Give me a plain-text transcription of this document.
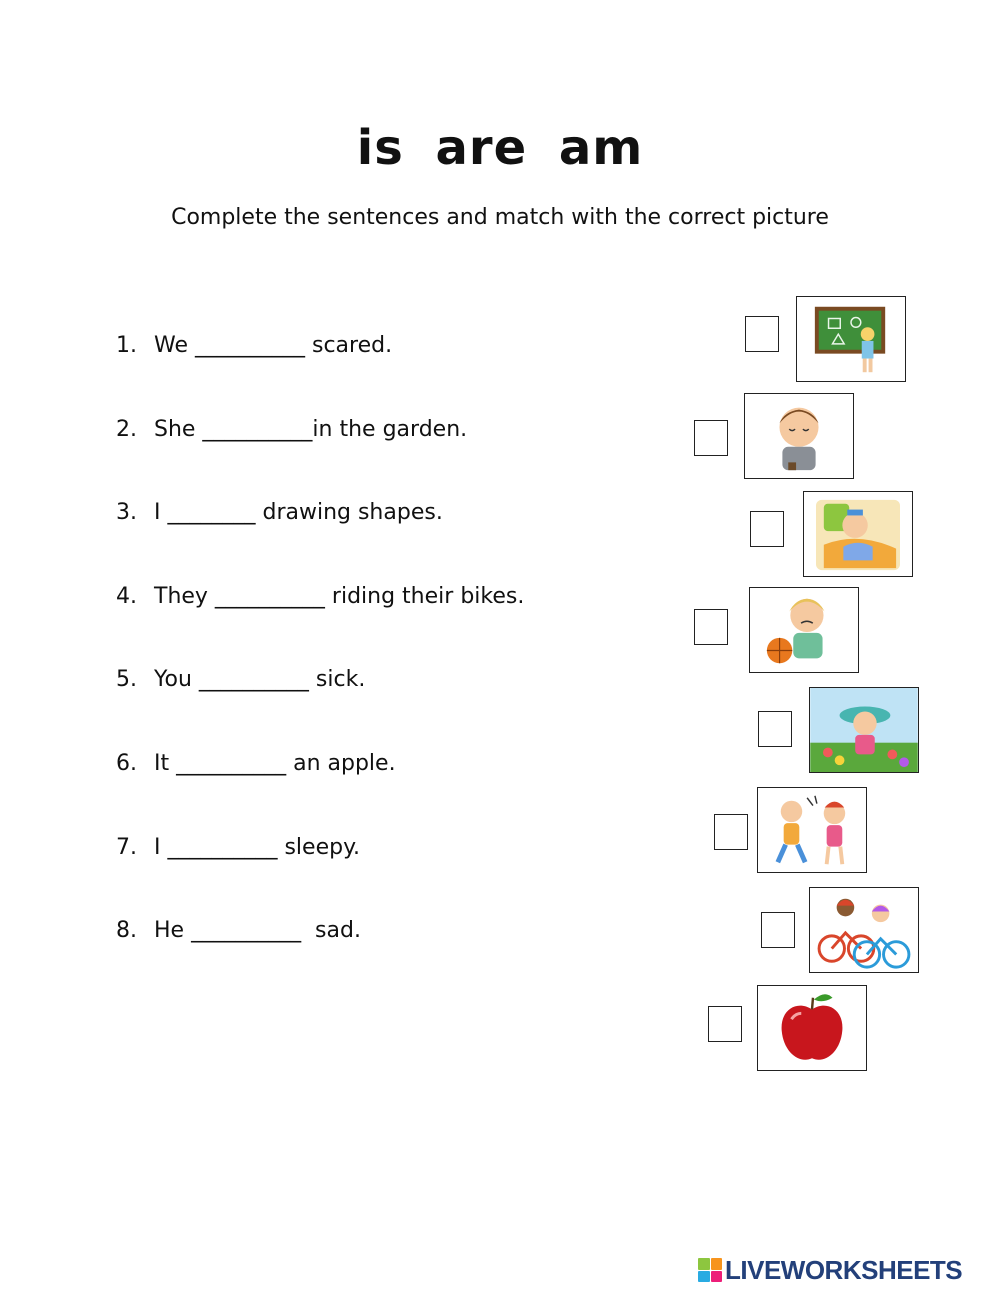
is are am
Complete the sentences and match with the correct picture
1. We __________ scared.
2. She __________in the garden.
3. I ________ drawing shapes.
4. They __________ riding their bikes.
5. You __________ sick.
6. It __________ an apple.
7. I __________ sleepy.
8. He __________  sad.
LIVEWORKSHEETS
